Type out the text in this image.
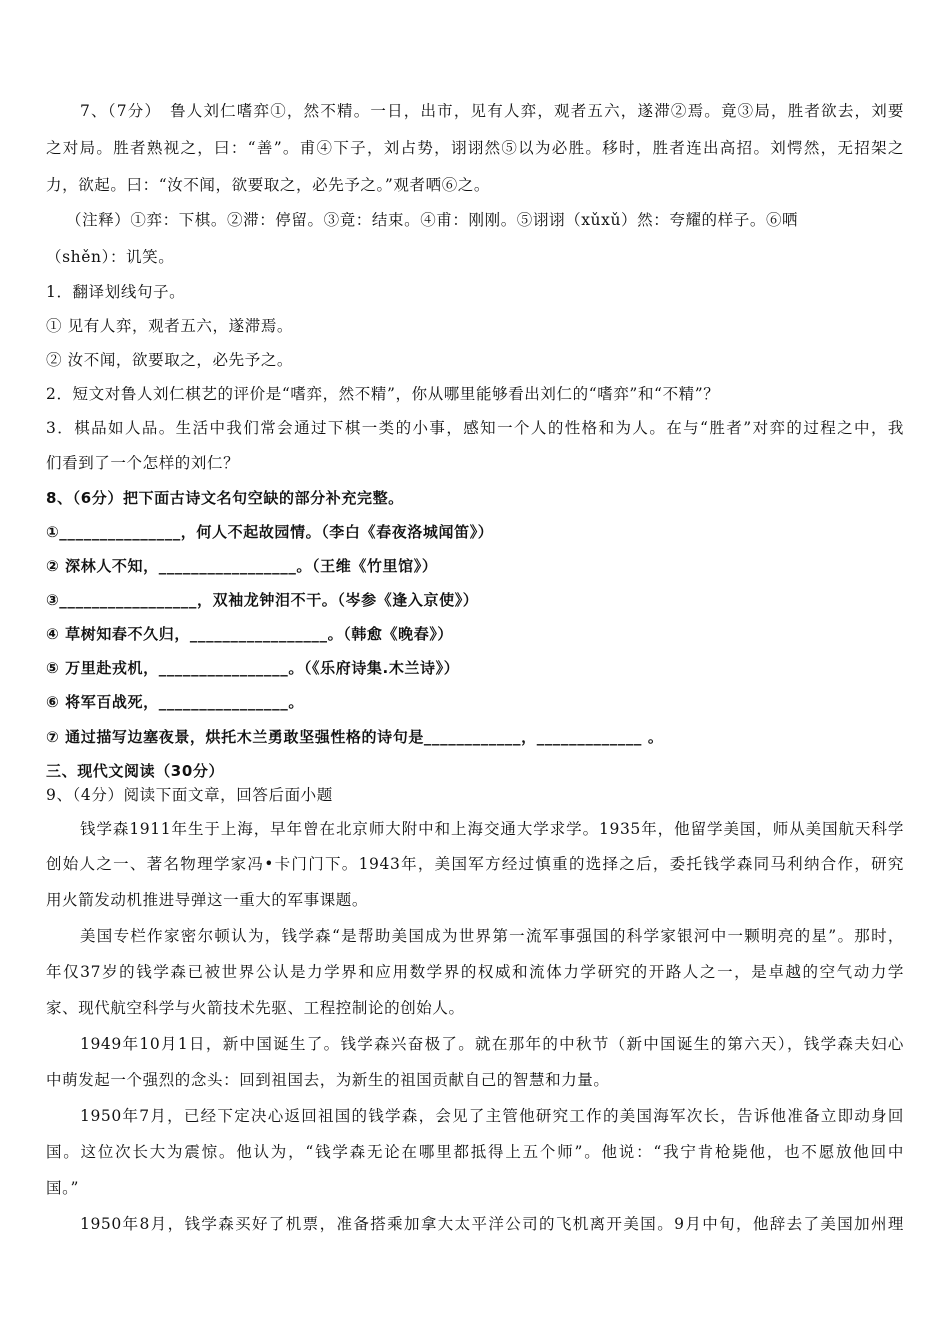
7、（7分）　鲁人刘仁嗜弈①，然不精。一日，出市，见有人弈，观者五六，遂滞②焉。竟③局，胜者欲去，刘要
之对局。胜者熟视之，曰：“善”。甫④下子，刘占势，诩诩然⑤以为必胜。移时，胜者连出高招。刘愕然，无招架之
力，欲起。曰：“汝不闻，欲要取之，必先予之。”观者哂⑥之。
（注释）①弈：下棋。②滞：停留。③竟：结束。④甫：刚刚。⑤诩诩（xǔxǔ）然：夸耀的样子。⑥哂
（shěn）：讥笑。
1．翻译划线句子。
① 见有人弈，观者五六，遂滞焉。
② 汝不闻，欲要取之，必先予之。
2．短文对鲁人刘仁棋艺的评价是“嗜弈，然不精”，你从哪里能够看出刘仁的“嗜弈”和“不精”？
3．棋品如人品。生活中我们常会通过下棋一类的小事，感知一个人的性格和为人。在与“胜者”对弈的过程之中，我
们看到了一个怎样的刘仁？
8、（6分）把下面古诗文名句空缺的部分补充完整。
①_______________，何人不起故园情。（李白《春夜洛城闻笛》）
② 深林人不知，_________________。（王维《竹里馆》）
③_________________，双袖龙钟泪不干。（岑参《逢入京使》）
④ 草树知春不久归，_________________。（韩愈《晚春》）
⑤ 万里赴戎机，________________。（《乐府诗集.木兰诗》）
⑥ 将军百战死，________________。
⑦ 通过描写边塞夜景，烘托木兰勇敢坚强性格的诗句是____________，_____________ 。
三、现代文阅读（30分）
9、（4分）阅读下面文章，回答后面小题
钱学森1911年生于上海，早年曾在北京师大附中和上海交通大学求学。1935年，他留学美国，师从美国航天科学
创始人之一、著名物理学家冯•卡门门下。1943年，美国军方经过慎重的选择之后，委托钱学森同马利纳合作，研究
用火箭发动机推进导弹这一重大的军事课题。
美国专栏作家密尔顿认为，钱学森“是帮助美国成为世界第一流军事强国的科学家银河中一颗明亮的星”。那时，
年仅37岁的钱学森已被世界公认是力学界和应用数学界的权威和流体力学研究的开路人之一，是卓越的空气动力学
家、现代航空科学与火箭技术先驱、工程控制论的创始人。
1949年10月1日，新中国诞生了。钱学森兴奋极了。就在那年的中秋节（新中国诞生的第六天），钱学森夫妇心
中萌发起一个强烈的念头：回到祖国去，为新生的祖国贡献自己的智慧和力量。
1950年7月，已经下定决心返回祖国的钱学森，会见了主管他研究工作的美国海军次长，告诉他准备立即动身回
国。这位次长大为震惊。他认为，“钱学森无论在哪里都抵得上五个师”。他说：“我宁肯枪毙他，也不愿放他回中
国。”
1950年8月，钱学森买好了机票，准备搭乘加拿大太平洋公司的飞机离开美国。9月中旬，他辞去了美国加州理
